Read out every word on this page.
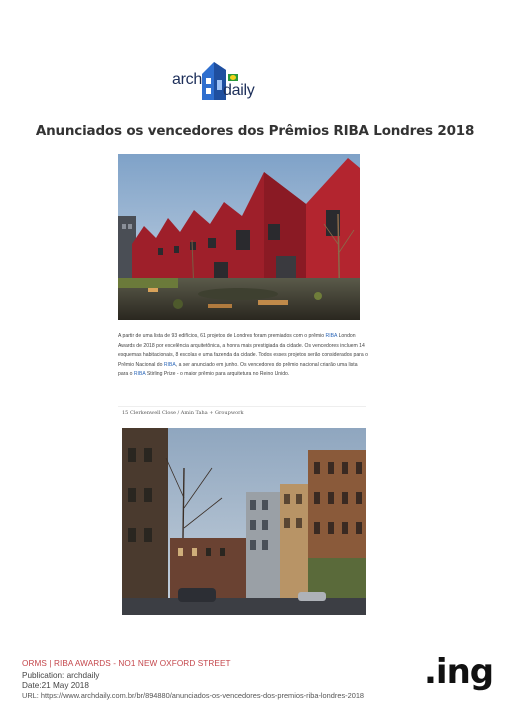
arch
daily
Anunciados os vencedores dos Prêmios RIBA Londres 2018
A partir de uma lista de 93 edifícios, 61 projetos de Londres foram premiados com o prêmio RIBA London Awards de 2018 por excelência arquitetônica, a honra mais prestigiada da cidade. Os vencedores incluem 14 esquemas habitacionais, 8 escolas e uma fazenda da cidade. Todos esses projetos serão considerados para o Prêmio Nacional do RIBA, a ser anunciado em junho. Os vencedores do prêmio nacional criarão uma lista para o RIBA Stirling Prize - o maior prêmio para arquitetura no Reino Unido.
15 Clerkenwell Close / Amin Taha + Groupwork
ORMS | RIBA AWARDS - NO1 NEW OXFORD STREET
Publication: archdaily
Date:21 May 2018
URL: https://www.archdaily.com.br/br/894880/anunciados-os-vencedores-dos-premios-riba-londres-2018
.ing
